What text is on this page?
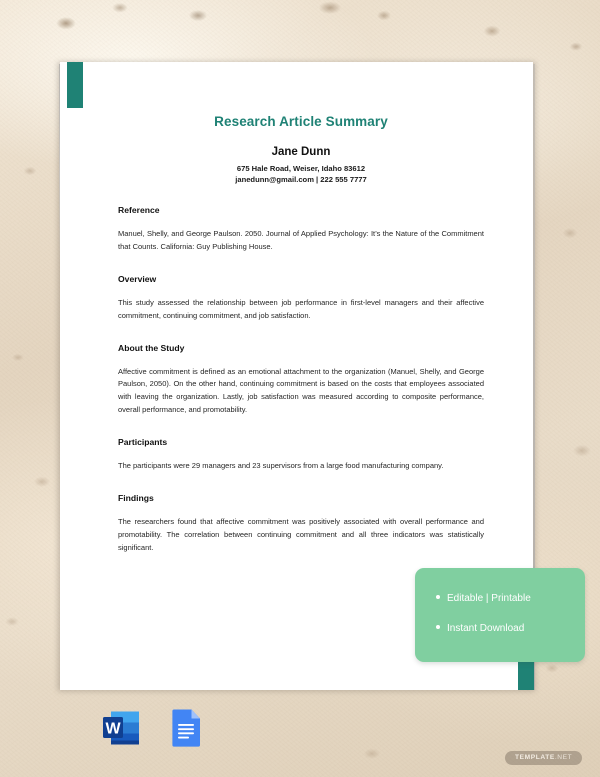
Research Article Summary
Jane Dunn
675 Hale Road, Weiser, Idaho 83612
janedunn@gmail.com | 222 555 7777
Reference

Manuel, Shelly, and George Paulson. 2050. Journal of Applied Psychology: It’s the Nature of the Commitment that Counts. California: Guy Publishing House.

Overview

This study assessed the relationship between job performance in first-level managers and their affective commitment, continuing commitment, and job satisfaction.

About the Study

Affective commitment is defined as an emotional attachment to the organization (Manuel, Shelly, and George Paulson, 2050). On the other hand, continuing commitment is based on the costs that employees associated with leaving the organization. Lastly, job satisfaction was measured according to composite performance, overall performance, and promotability.

Participants

The participants were 29 managers and 23 supervisors from a large food manufacturing company.

Findings

The researchers found that affective commitment was positively associated with overall performance and promotability. The correlation between continuing commitment and all three indicators was statistically significant.

Editable | Printable
Instant Download
W
TEMPLATE.NET
